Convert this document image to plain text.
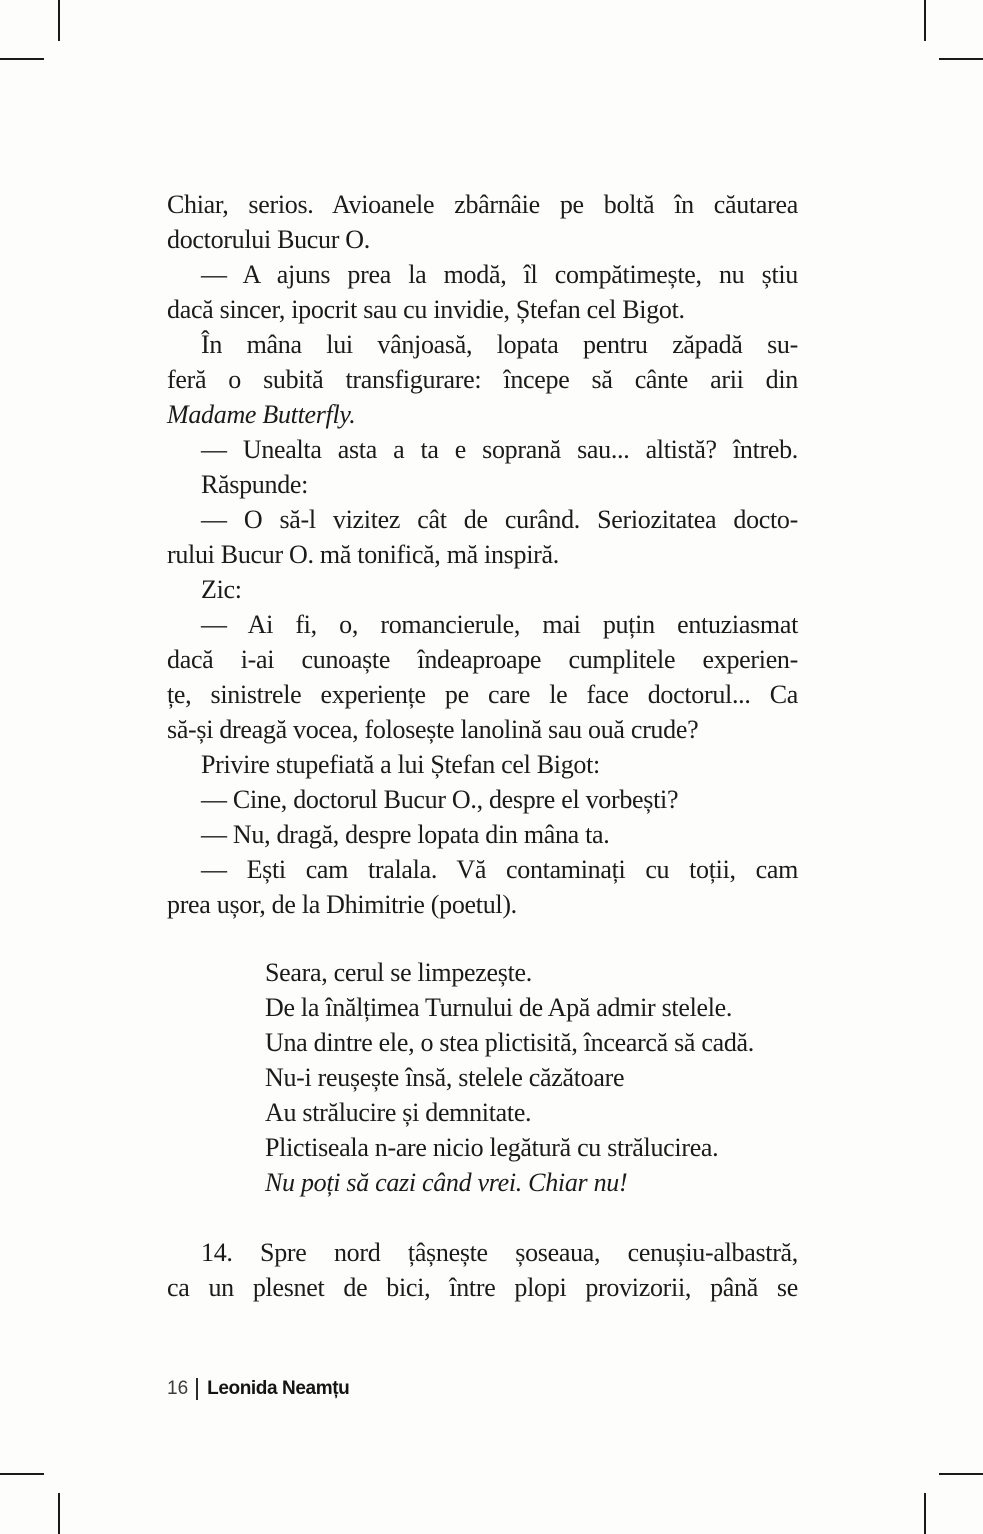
Chiar, serios. Avioanele zbârnâie pe boltă în căutarea
doctorului Bucur O.
— A ajuns prea la modă, îl compătimește, nu știu
dacă sincer, ipocrit sau cu invidie, Ștefan cel Bigot.
În mâna lui vânjoasă, lopata pentru zăpadă su-
feră o subită transfigurare: începe să cânte arii din
Madame Butterfly.
— Unealta asta a ta e soprană sau... altistă? întreb.
Răspunde:
— O să-l vizitez cât de curând. Seriozitatea docto-
rului Bucur O. mă tonifică, mă inspiră.
Zic:
— Ai fi, o, romancierule, mai puțin entuziasmat
dacă i-ai cunoaște îndeaproape cumplitele experien-
țe, sinistrele experiențe pe care le face doctorul... Ca
să-și dreagă vocea, folosește lanolină sau ouă crude?
Privire stupefiată a lui Ștefan cel Bigot:
— Cine, doctorul Bucur O., despre el vorbești?
— Nu, dragă, despre lopata din mâna ta.
— Ești cam tralala. Vă contaminați cu toții, cam
prea ușor, de la Dhimitrie (poetul).
Seara, cerul se limpezește.
De la înălțimea Turnului de Apă admir stelele.
Una dintre ele, o stea plictisită, încearcă să cadă.
Nu-i reușește însă, stelele căzătoare
Au strălucire și demnitate.
Plictiseala n-are nicio legătură cu strălucirea.
Nu poți să cazi când vrei. Chiar nu!
14. Spre nord țâșnește șoseaua, cenușiu-albastră,
ca un plesnet de bici, între plopi provizorii, până se
16 Leonida Neamțu
